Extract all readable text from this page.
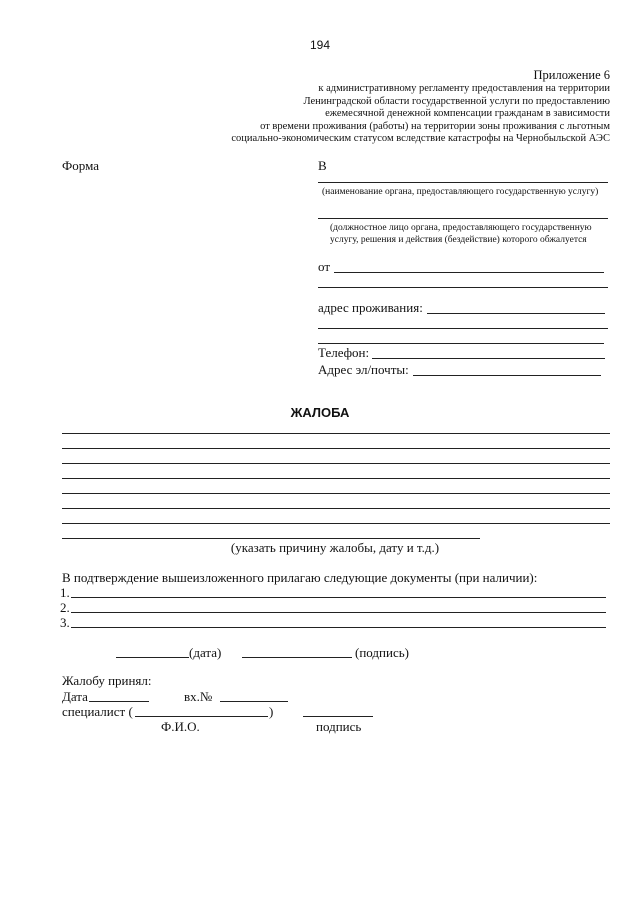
194
Приложение 6
к административному регламенту предоставления на территории
Ленинградской области государственной услуги по предоставлению
ежемесячной денежной компенсации гражданам в зависимости
от времени проживания (работы) на территории зоны проживания с льготным
социально-экономическим статусом вследствие катастрофы на Чернобыльской АЭС
Форма	В
(наименование органа, предоставляющего государственную услугу)
(должностное лицо органа, предоставляющего государственную
услугу, решения и действия (бездействие) которого обжалуется
от
адрес проживания:
Телефон:
Адрес эл/почты:
ЖАЛОБА
(указать причину жалобы, дату и т.д.)
В подтверждение вышеизложенного прилагаю следующие документы (при наличии):
1.
2.
3.
(дата)	(подпись)
Жалобу принял:
Дата	вх.№
специалист (	)
Ф.И.О.	подпись
